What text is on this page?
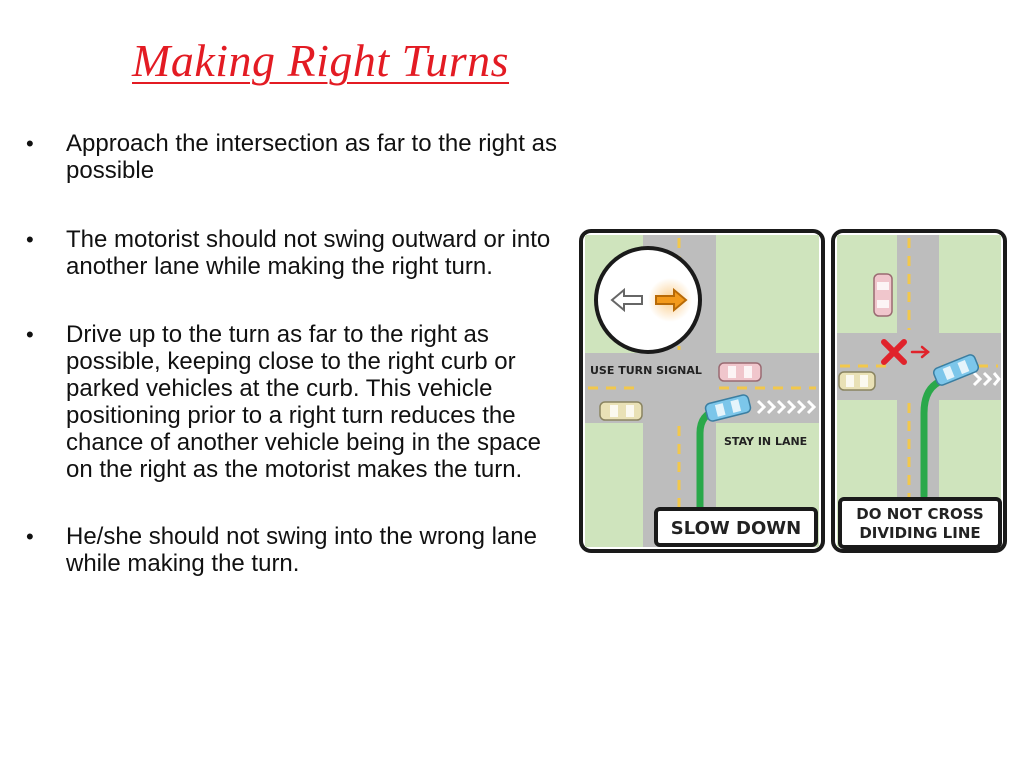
Making Right Turns
• Approach the intersection as far to the right as possible
• The motorist should not swing outward or into another lane while making the right turn.
• Drive up to the turn as far to the right as possible, keeping close to the right curb or parked vehicles at the curb. This vehicle positioning prior to a right turn reduces the chance of another vehicle being in the space on the right as the motorist makes the turn.
• He/she should not swing into the wrong lane while making the turn.
USE TURN SIGNAL
STAY IN LANE
SLOW DOWN
DO NOT CROSS
DIVIDING LINE
